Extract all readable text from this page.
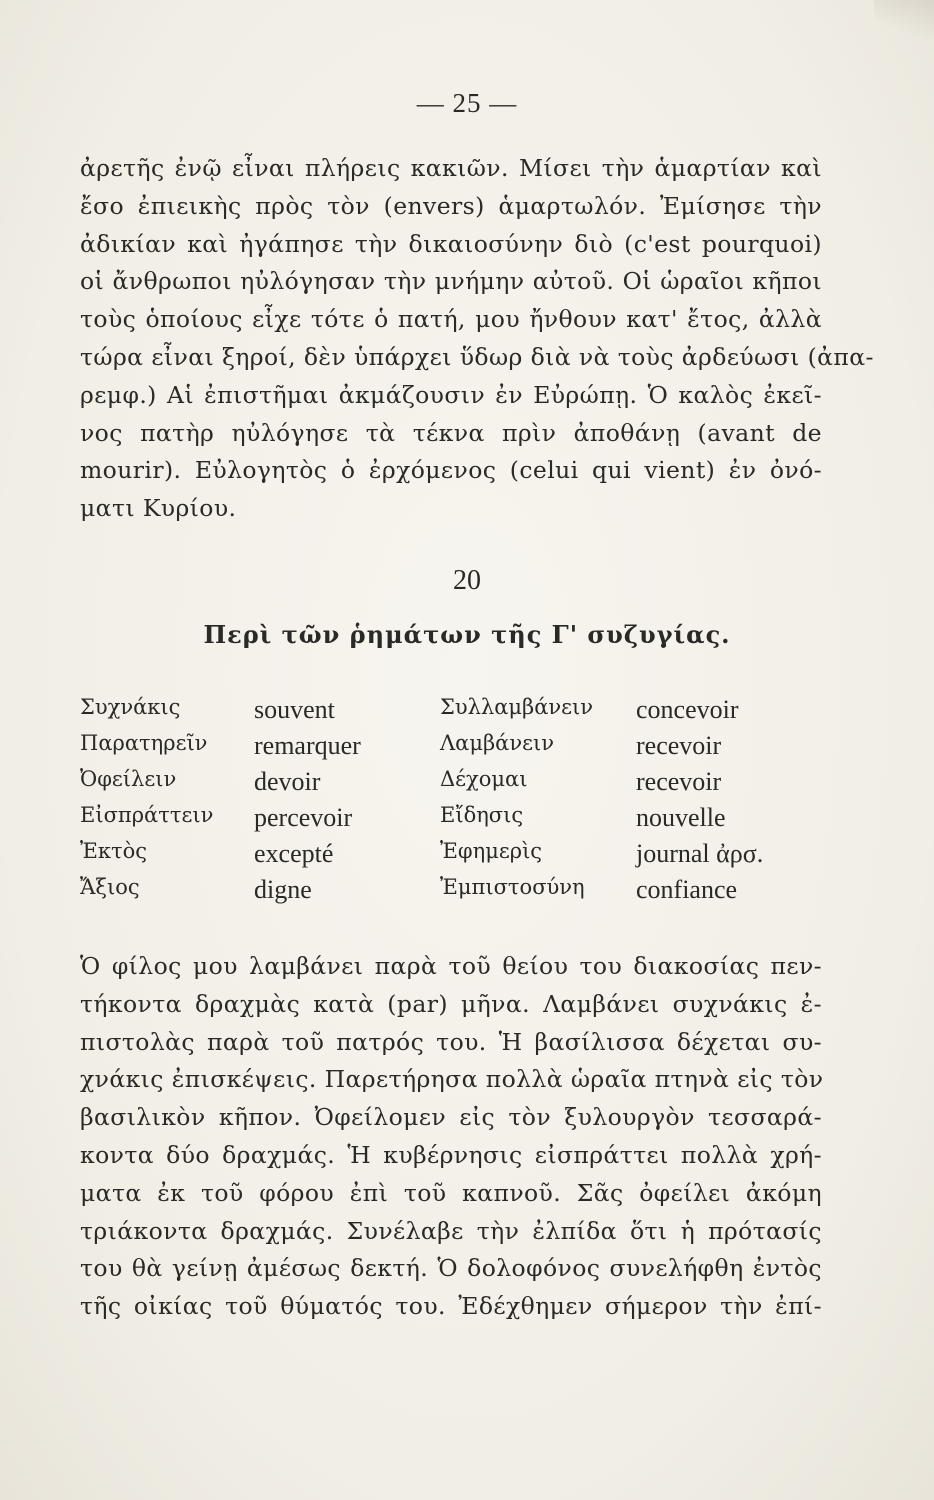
— 25 —
ἀρετῆς ἐνῷ εἶναι πλήρεις κακιῶν. Μίσει τὴν ἁμαρτίαν καὶ
ἔσο ἐπιεικὴς πρὸς τὸν (envers) ἁμαρτωλόν. Ἐμίσησε τὴν
ἀδικίαν καὶ ἠγάπησε τὴν δικαιοσύνην διὸ (c'est pourquoi)
οἱ ἄνθρωποι ηὐλόγησαν τὴν μνήμην αὐτοῦ. Οἱ ὡραῖοι κῆποι
τοὺς ὁποίους εἶχε τότε ὁ πατή, μου ἤνθουν κατ' ἔτος, ἀλλὰ
τώρα εἶναι ξηροί, δὲν ὑπάρχει ὕδωρ διὰ νὰ τοὺς ἀρδεύωσι (ἀπα-
ρεμφ.) Αἱ ἐπιστῆμαι ἀκμάζουσιν ἐν Εὐρώπῃ. Ὁ καλὸς ἐκεῖ-
νος πατὴρ ηὐλόγησε τὰ τέκνα πρὶν ἀποθάνῃ (avant de
mourir). Εὐλογητὸς ὁ ἐρχόμενος (celui qui vient) ἐν ὀνό-
ματι Κυρίου.
20
Περὶ τῶν ῥημάτων τῆς Γ' συζυγίας.
Συχνάκις	souvent	Συλλαμβάνειν concevoir
Παρατηρεῖν remarquer	Λαμβάνειν	recevoir
Ὀφείλειν	devoir	Δέχομαι	recevoir
Εἰσπράττειν percevoir	Εἴδησις	nouvelle
Ἐκτὸς	excepté	Ἐφημερὶς	journal ἀρσ.
Ἄξιος	digne	Ἐμπιστοσύνη confiance
Ὁ φίλος μου λαμβάνει παρὰ τοῦ θείου του διακοσίας πεν-
τήκοντα δραχμὰς κατὰ (par) μῆνα. Λαμβάνει συχνάκις ἐ-
πιστολὰς παρὰ τοῦ πατρός του. Ἡ βασίλισσα δέχεται συ-
χνάκις ἐπισκέψεις. Παρετήρησα πολλὰ ὡραῖα πτηνὰ εἰς τὸν
βασιλικὸν κῆπον. Ὀφείλομεν εἰς τὸν ξυλουργὸν τεσσαρά-
κοντα δύο δραχμάς. Ἡ κυβέρνησις εἰσπράττει πολλὰ χρή-
ματα ἐκ τοῦ φόρου ἐπὶ τοῦ καπνοῦ. Σᾶς ὀφείλει ἀκόμη
τριάκοντα δραχμάς. Συνέλαβε τὴν ἐλπίδα ὅτι ἡ πρότασίς
του θὰ γείνῃ ἀμέσως δεκτή. Ὁ δολοφόνος συνελήφθη ἐντὸς
τῆς οἰκίας τοῦ θύματός του. Ἐδέχθημεν σήμερον τὴν ἐπί-
